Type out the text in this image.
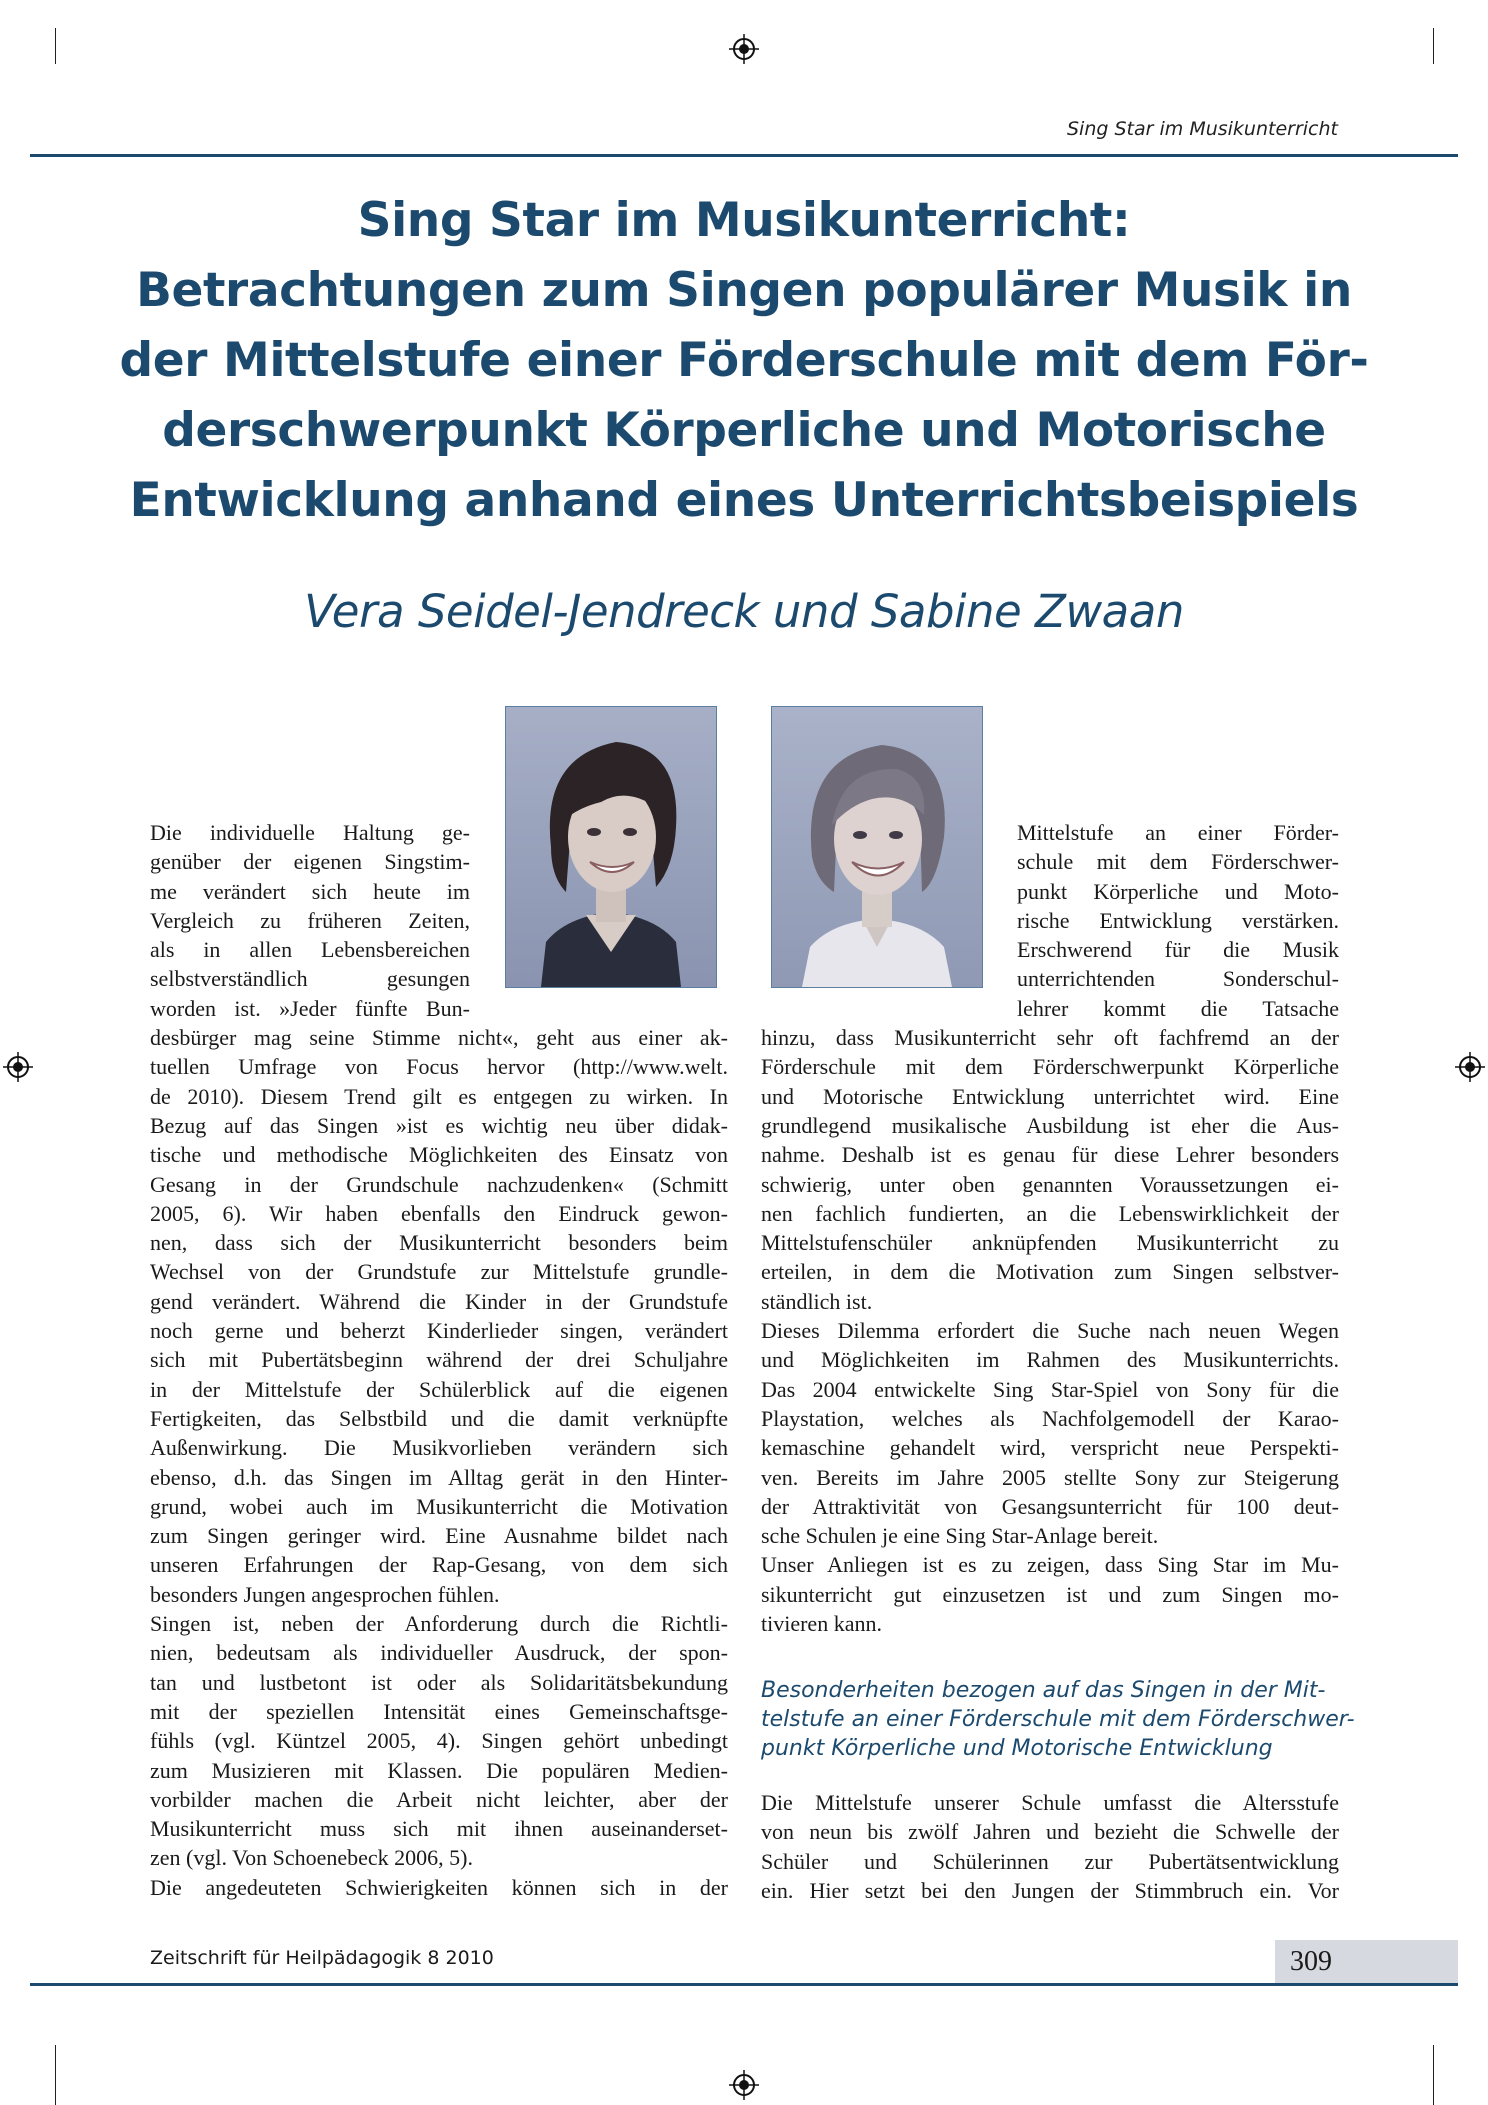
Sing Star im Musikunterricht
Sing Star im Musikunterricht:
Betrachtungen zum Singen populärer Musik in
der Mittelstufe einer Förderschule mit dem För-
derschwerpunkt Körperliche und Motorische
Entwicklung anhand eines Unterrichtsbeispiels
Vera Seidel-Jendreck und Sabine Zwaan
Die individuelle Haltung ge-
genüber der eigenen Singstim-
me verändert sich heute im
Vergleich zu früheren Zeiten,
als in allen Lebensbereichen
selbstverständlich gesungen
worden ist. »Jeder fünfte Bun-
desbürger mag seine Stimme nicht«, geht aus einer ak-
tuellen Umfrage von Focus hervor (http://www.welt.
de 2010). Diesem Trend gilt es entgegen zu wirken. In
Bezug auf das Singen »ist es wichtig neu über didak-
tische und methodische Möglichkeiten des Einsatz von
Gesang in der Grundschule nachzudenken« (Schmitt
2005, 6). Wir haben ebenfalls den Eindruck gewon-
nen, dass sich der Musikunterricht besonders beim
Wechsel von der Grundstufe zur Mittelstufe grundle-
gend verändert. Während die Kinder in der Grundstufe
noch gerne und beherzt Kinderlieder singen, verändert
sich mit Pubertätsbeginn während der drei Schuljahre
in der Mittelstufe der Schülerblick auf die eigenen
Fertigkeiten, das Selbstbild und die damit verknüpfte
Außenwirkung. Die Musikvorlieben verändern sich
ebenso, d.h. das Singen im Alltag gerät in den Hinter-
grund, wobei auch im Musikunterricht die Motivation
zum Singen geringer wird. Eine Ausnahme bildet nach
unseren Erfahrungen der Rap-Gesang, von dem sich
besonders Jungen angesprochen fühlen.
Singen ist, neben der Anforderung durch die Richtli-
nien, bedeutsam als individueller Ausdruck, der spon-
tan und lustbetont ist oder als Solidaritätsbekundung
mit der speziellen Intensität eines Gemeinschaftsge-
fühls (vgl. Küntzel 2005, 4). Singen gehört unbedingt
zum Musizieren mit Klassen. Die populären Medien-
vorbilder machen die Arbeit nicht leichter, aber der
Musikunterricht muss sich mit ihnen auseinanderset-
zen (vgl. Von Schoenebeck 2006, 5).
Die angedeuteten Schwierigkeiten können sich in der
Mittelstufe an einer Förder-
schule mit dem Förderschwer-
punkt Körperliche und Moto-
rische Entwicklung verstärken.
Erschwerend für die Musik
unterrichtenden Sonderschul-
lehrer kommt die Tatsache
hinzu, dass Musikunterricht sehr oft fachfremd an der
Förderschule mit dem Förderschwerpunkt Körperliche
und Motorische Entwicklung unterrichtet wird. Eine
grundlegend musikalische Ausbildung ist eher die Aus-
nahme. Deshalb ist es genau für diese Lehrer besonders
schwierig, unter oben genannten Voraussetzungen ei-
nen fachlich fundierten, an die Lebenswirklichkeit der
Mittelstufenschüler anknüpfenden Musikunterricht zu
erteilen, in dem die Motivation zum Singen selbstver-
ständlich ist.
Dieses Dilemma erfordert die Suche nach neuen Wegen
und Möglichkeiten im Rahmen des Musikunterrichts.
Das 2004 entwickelte Sing Star-Spiel von Sony für die
Playstation, welches als Nachfolgemodell der Karao-
kemaschine gehandelt wird, verspricht neue Perspekti-
ven. Bereits im Jahre 2005 stellte Sony zur Steigerung
der Attraktivität von Gesangsunterricht für 100 deut-
sche Schulen je eine Sing Star-Anlage bereit.
Unser Anliegen ist es zu zeigen, dass Sing Star im Mu-
sikunterricht gut einzusetzen ist und zum Singen mo-
tivieren kann.
Besonderheiten bezogen auf das Singen in der Mit-
telstufe an einer Förderschule mit dem Förderschwer-
punkt Körperliche und Motorische Entwicklung
Die Mittelstufe unserer Schule umfasst die Altersstufe
von neun bis zwölf Jahren und bezieht die Schwelle der
Schüler und Schülerinnen zur Pubertätsentwicklung
ein. Hier setzt bei den Jungen der Stimmbruch ein. Vor
Zeitschrift für Heilpädagogik 8 2010	309
